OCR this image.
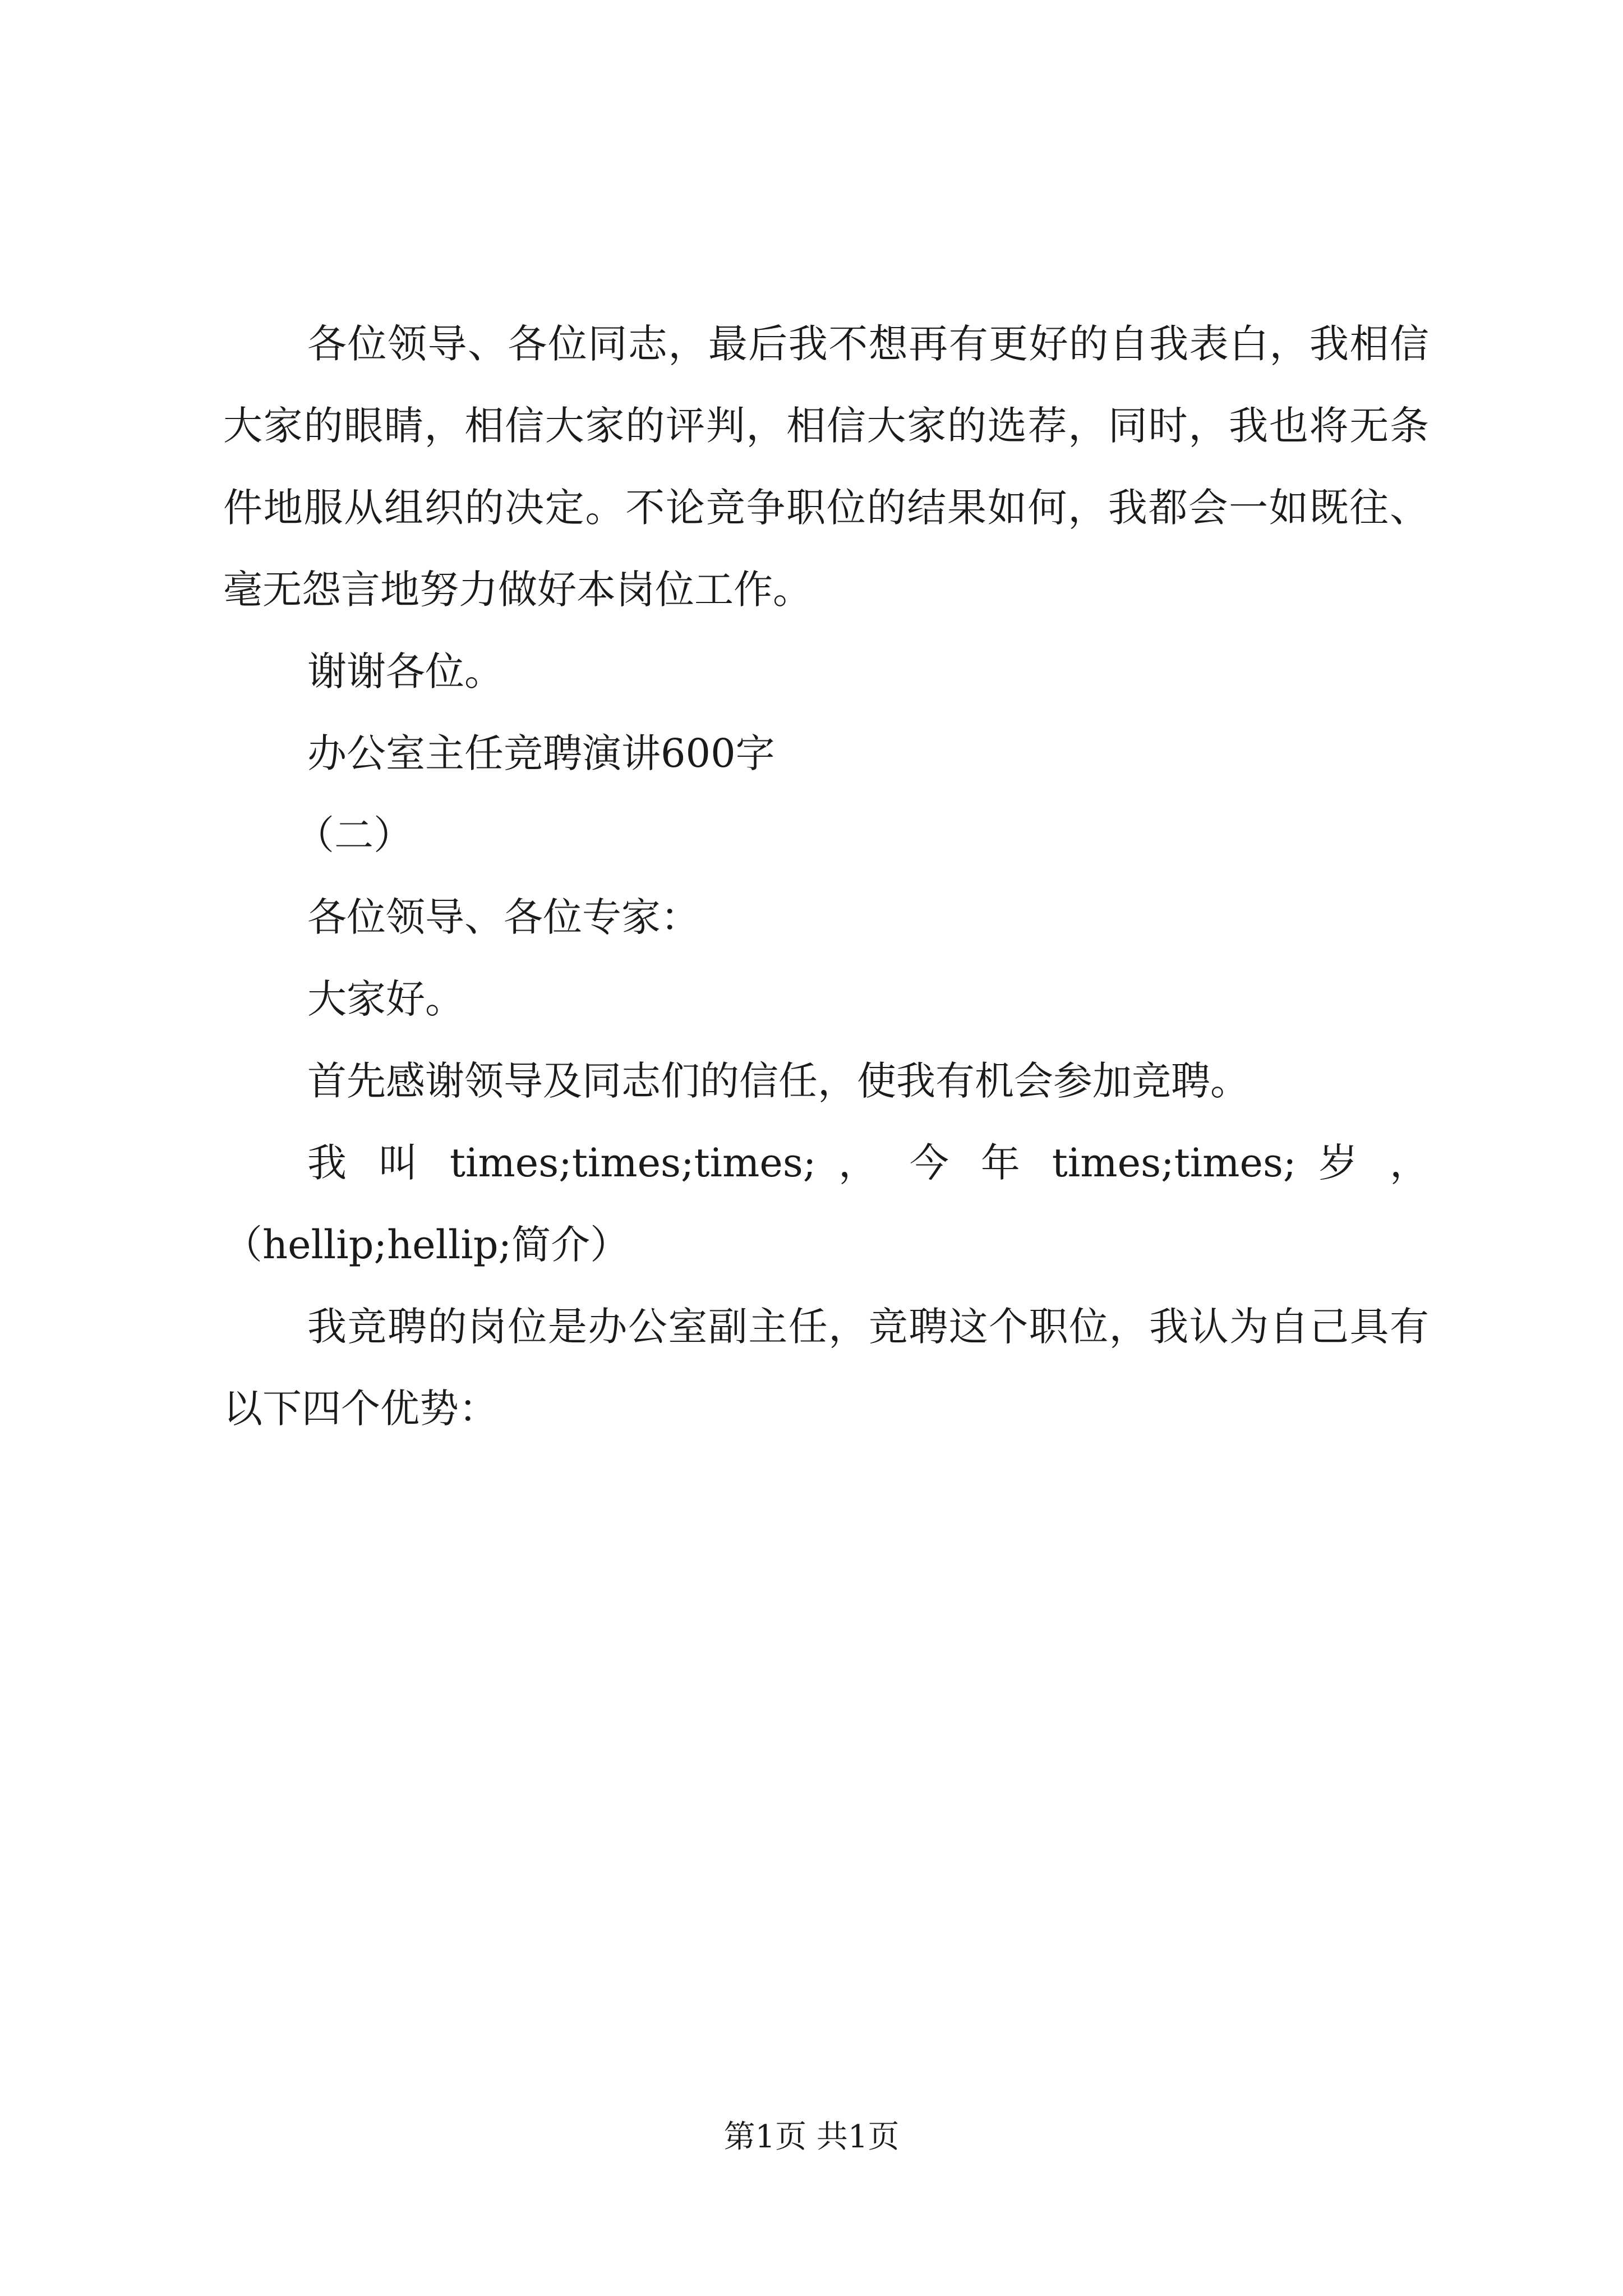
各位领导、各位同志，最后我不想再有更好的自我表白，我相信大家的眼睛，相信大家的评判，相信大家的选荐，同时，我也将无条件地服从组织的决定。不论竞争职位的结果如何，我都会一如既往、毫无怨言地努力做好本岗位工作。

谢谢各位。

办公室主任竞聘演讲600字

（二）

各位领导、各位专家：

大家好。

首先感谢领导及同志们的信任，使我有机会参加竞聘。

我 叫 times;times;times; ， 今 年 times;times; 岁 ，

（hellip;hellip;简介）

我竞聘的岗位是办公室副主任，竞聘这个职位，我认为自己具有以下四个优势：

第1页 共1页
